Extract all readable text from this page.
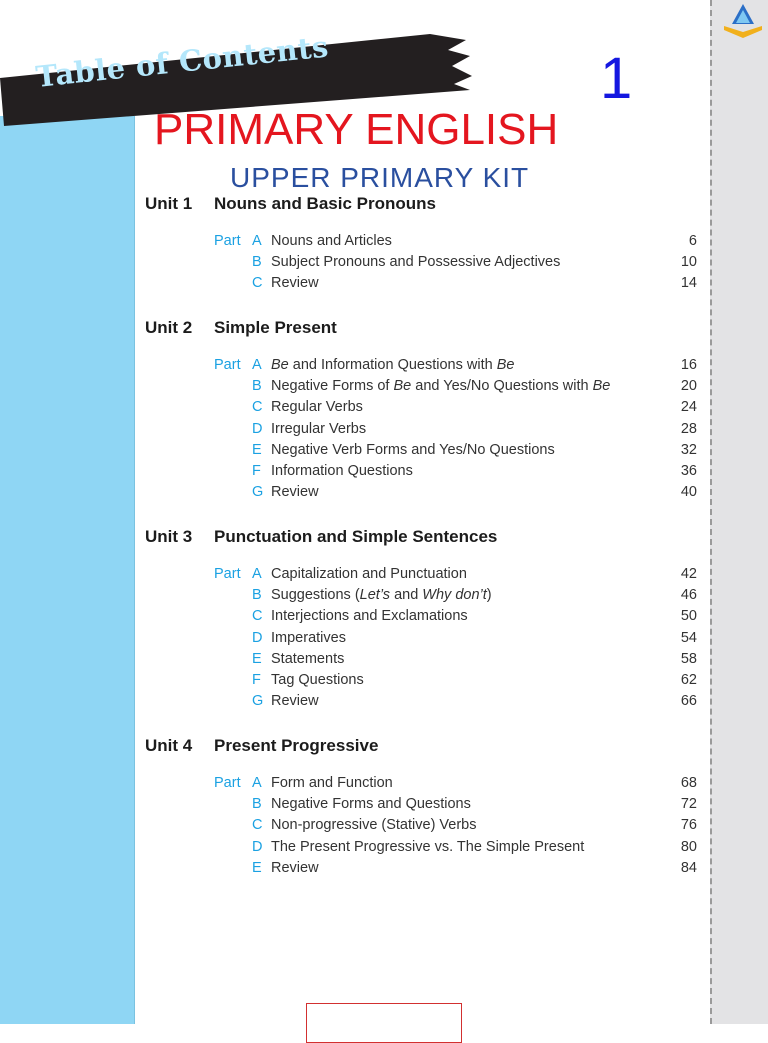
Table of Contents	1
PRIMARY ENGLISH
UPPER PRIMARY KIT
Unit 1 Nouns and Basic Pronouns
Part A Nouns and Articles	6
B Subject Pronouns and Possessive Adjectives	10
C Review	14
Unit 2 Simple Present
Part A Be and Information Questions with Be	16
B Negative Forms of Be and Yes/No Questions with Be	20
C Regular Verbs	24
D Irregular Verbs	28
E Negative Verb Forms and Yes/No Questions	32
F Information Questions	36
G Review	40
Unit 3 Punctuation and Simple Sentences
Part A Capitalization and Punctuation	42
B Suggestions (Let’s and Why don’t)	46
C Interjections and Exclamations	50
D Imperatives	54
E Statements	58
F Tag Questions	62
G Review	66
Unit 4 Present Progressive
Part A Form and Function	68
B Negative Forms and Questions	72
C Non-progressive (Stative) Verbs	76
D The Present Progressive vs. The Simple Present	80
E Review	84
